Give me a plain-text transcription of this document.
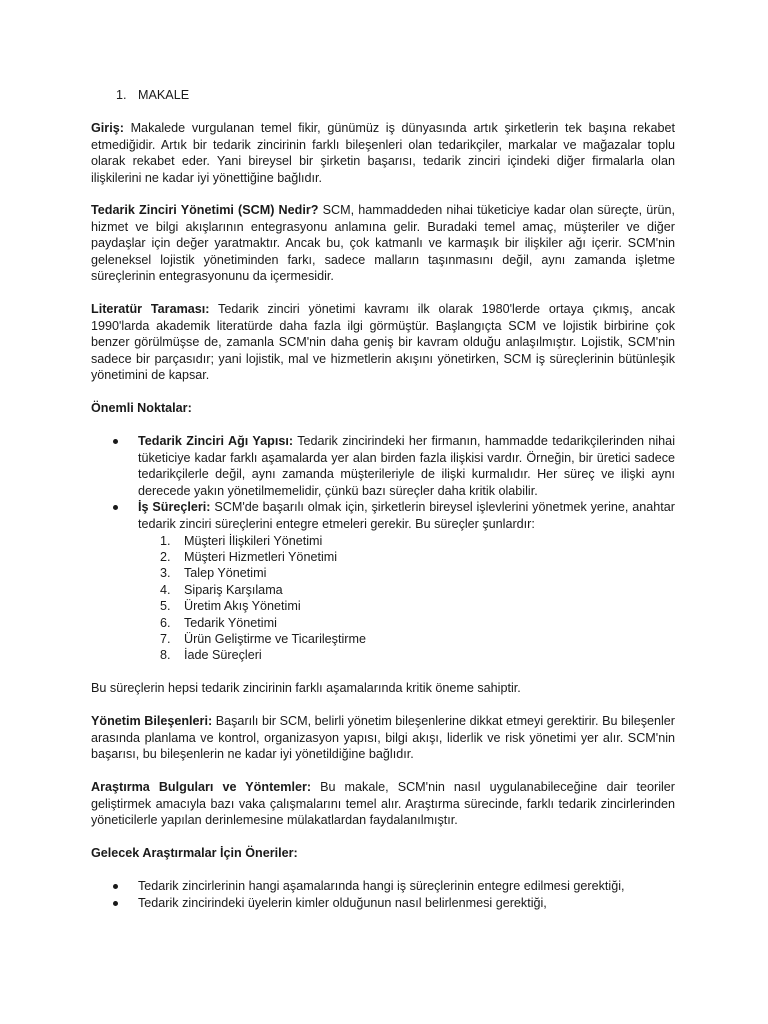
1. MAKALE

Giriş: Makalede vurgulanan temel fikir, günümüz iş dünyasında artık şirketlerin tek başına rekabet etmediğidir. Artık bir tedarik zincirinin farklı bileşenleri olan tedarikçiler, markalar ve mağazalar toplu olarak rekabet eder. Yani bireysel bir şirketin başarısı, tedarik zinciri içindeki diğer firmalarla olan ilişkilerini ne kadar iyi yönettiğine bağlıdır.

Tedarik Zinciri Yönetimi (SCM) Nedir? SCM, hammaddeden nihai tüketiciye kadar olan süreçte, ürün, hizmet ve bilgi akışlarının entegrasyonu anlamına gelir. Buradaki temel amaç, müşteriler ve diğer paydaşlar için değer yaratmaktır. Ancak bu, çok katmanlı ve karmaşık bir ilişkiler ağı içerir. SCM'nin geleneksel lojistik yönetiminden farkı, sadece malların taşınmasını değil, aynı zamanda işletme süreçlerinin entegrasyonunu da içermesidir.

Literatür Taraması: Tedarik zinciri yönetimi kavramı ilk olarak 1980'lerde ortaya çıkmış, ancak 1990'larda akademik literatürde daha fazla ilgi görmüştür. Başlangıçta SCM ve lojistik birbirine çok benzer görülmüşse de, zamanla SCM'nin daha geniş bir kavram olduğu anlaşılmıştır. Lojistik, SCM'nin sadece bir parçasıdır; yani lojistik, mal ve hizmetlerin akışını yönetirken, SCM iş süreçlerinin bütünleşik yönetimini de kapsar.

Önemli Noktalar:

Tedarik Zinciri Ağı Yapısı: Tedarik zincirindeki her firmanın, hammadde tedarikçilerinden nihai tüketiciye kadar farklı aşamalarda yer alan birden fazla ilişkisi vardır. Örneğin, bir üretici sadece tedarikçilerle değil, aynı zamanda müşterileriyle de ilişki kurmalıdır. Her süreç ve ilişki aynı derecede yakın yönetilmemelidir, çünkü bazı süreçler daha kritik olabilir.
İş Süreçleri: SCM'de başarılı olmak için, şirketlerin bireysel işlevlerini yönetmek yerine, anahtar tedarik zinciri süreçlerini entegre etmeleri gerekir. Bu süreçler şunlardır:
1. Müşteri İlişkileri Yönetimi
2. Müşteri Hizmetleri Yönetimi
3. Talep Yönetimi
4. Sipariş Karşılama
5. Üretim Akış Yönetimi
6. Tedarik Yönetimi
7. Ürün Geliştirme ve Ticarileştirme
8. İade Süreçleri

Bu süreçlerin hepsi tedarik zincirinin farklı aşamalarında kritik öneme sahiptir.

Yönetim Bileşenleri: Başarılı bir SCM, belirli yönetim bileşenlerine dikkat etmeyi gerektirir. Bu bileşenler arasında planlama ve kontrol, organizasyon yapısı, bilgi akışı, liderlik ve risk yönetimi yer alır. SCM'nin başarısı, bu bileşenlerin ne kadar iyi yönetildiğine bağlıdır.

Araştırma Bulguları ve Yöntemler: Bu makale, SCM'nin nasıl uygulanabileceğine dair teoriler geliştirmek amacıyla bazı vaka çalışmalarını temel alır. Araştırma sürecinde, farklı tedarik zincirlerinden yöneticilerle yapılan derinlemesine mülakatlardan faydalanılmıştır.

Gelecek Araştırmalar İçin Öneriler:

Tedarik zincirlerinin hangi aşamalarında hangi iş süreçlerinin entegre edilmesi gerektiği,
Tedarik zincirindeki üyelerin kimler olduğunun nasıl belirlenmesi gerektiği,
